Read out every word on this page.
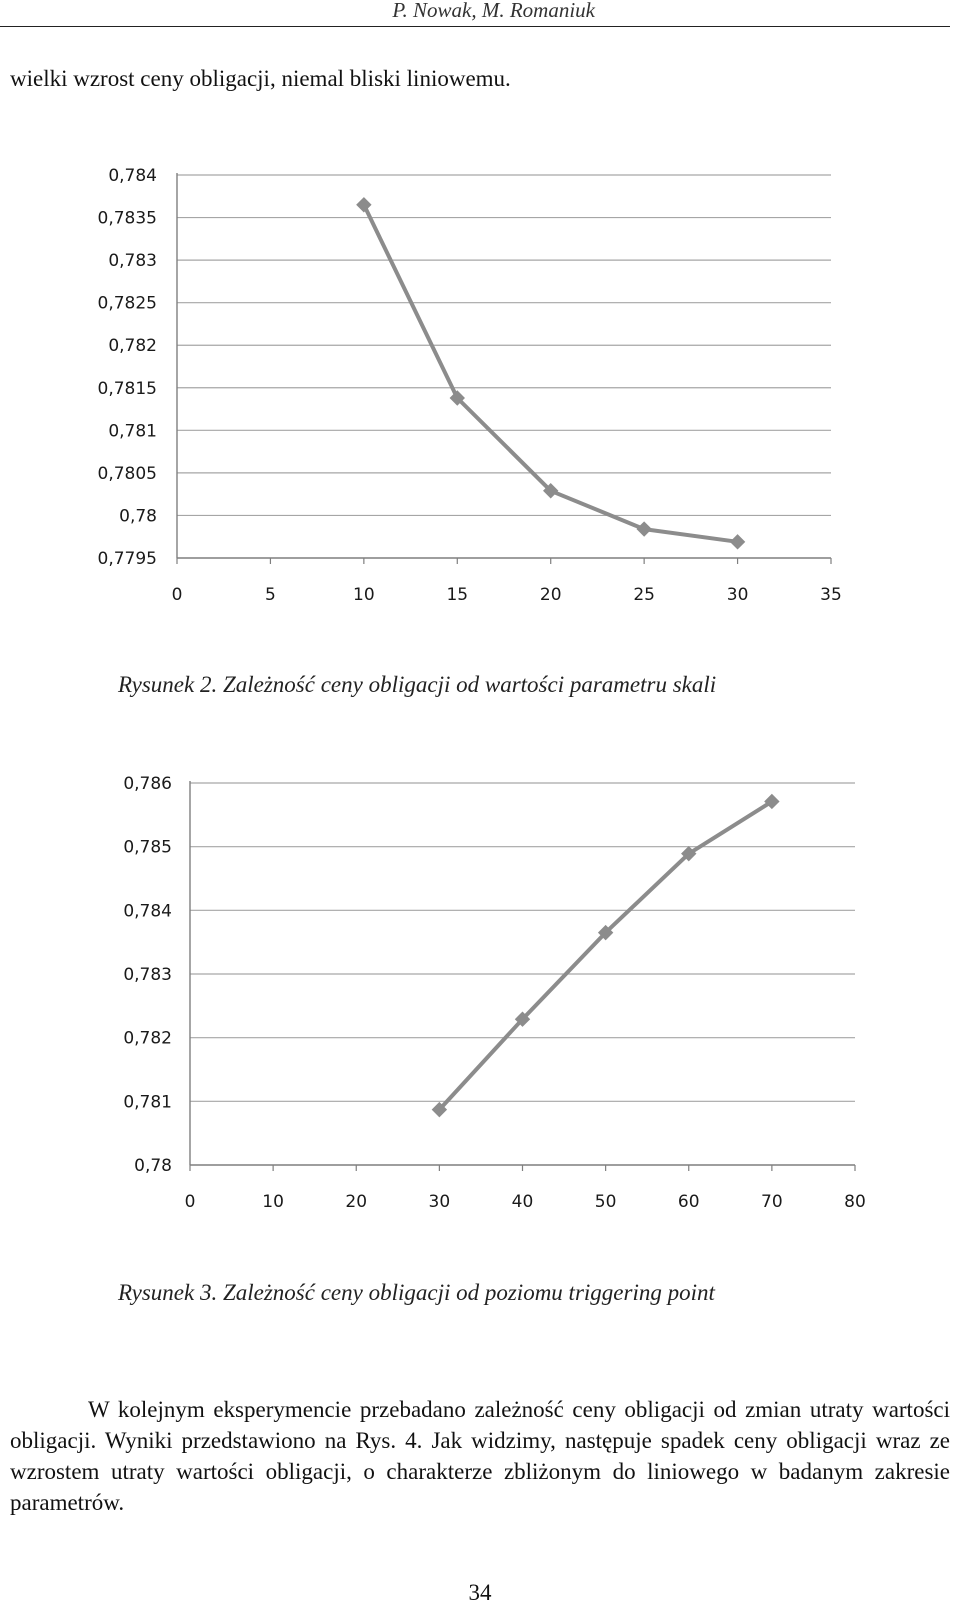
P. Nowak, M. Romaniuk
wielki wzrost ceny obligacji, niemal bliski liniowemu.
0,7795
0,78
0,7805
0,781
0,7815
0,782
0,7825
0,783
0,7835
0,784
0	5	10	15	20	25	30	35
Rysunek 2. Zależność ceny obligacji od wartości parametru skali
0,78
0,781
0,782
0,783
0,784
0,785
0,786
0	10	20	30	40	50	60	70	80
Rysunek 3. Zależność ceny obligacji od poziomu triggering point
W kolejnym eksperymencie przebadano zależność ceny obligacji od zmian utraty wartości obligacji. Wyniki przedstawiono na Rys. 4. Jak widzimy, następuje spadek ceny obligacji wraz ze wzrostem utraty wartości obligacji, o charakterze zbliżonym do liniowego w badanym zakresie parametrów.
34
